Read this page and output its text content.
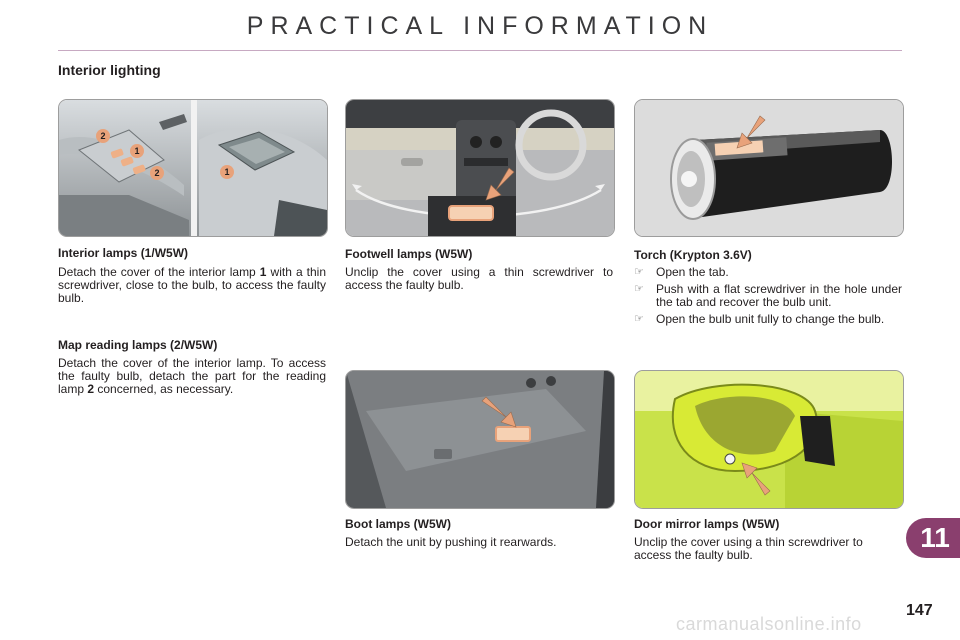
PRACTICAL INFORMATION
Interior lighting
2
1
2	1
Interior lamps (1/W5W)
Detach the cover of the interior lamp 1 with a thin screwdriver, close to the bulb, to access the faulty bulb.
Map reading lamps (2/W5W)
Detach the cover of the interior lamp. To access the faulty bulb, detach the part for the reading lamp 2 concerned, as necessary.
Footwell lamps (W5W)
Unclip the cover using a thin screwdriver to access the faulty bulb.
Torch (Krypton 3.6V)
☞ Open the tab.
☞ Push with a flat screwdriver in the hole under the tab and recover the bulb unit.
☞ Open the bulb unit fully to change the bulb.
Boot lamps (W5W)
Detach the unit by pushing it rearwards.
Door mirror lamps (W5W)
Unclip the cover using a thin screwdriver to access the faulty bulb.
11
147
carmanualsonline.info
